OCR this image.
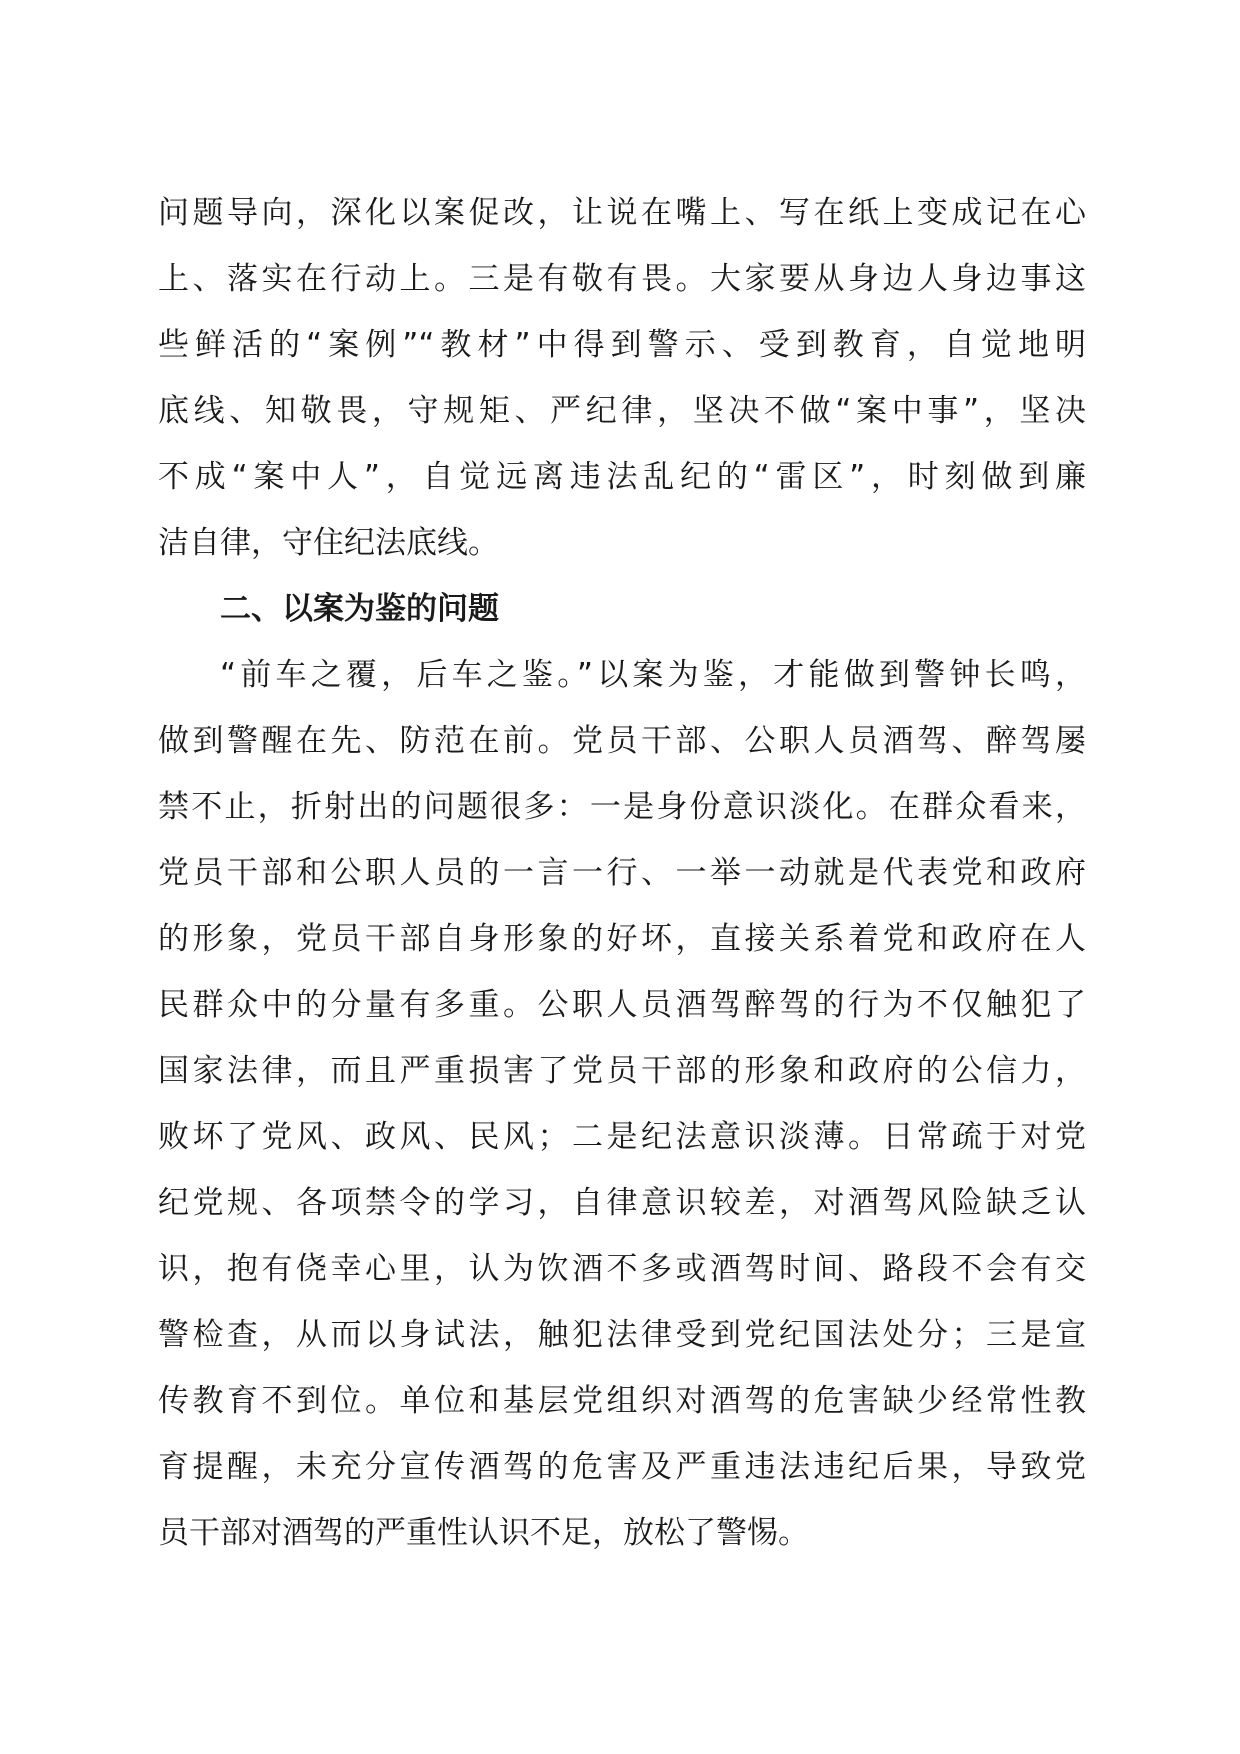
问题导向，深化以案促改，让说在嘴上、写在纸上变成记在心
上、落实在行动上。三是有敬有畏。大家要从身边人身边事这
些鲜活的“案例”“教材”中得到警示、受到教育，自觉地明
底线、知敬畏，守规矩、严纪律，坚决不做“案中事”，坚决
不成“案中人”，自觉远离违法乱纪的“雷区”，时刻做到廉
洁自律，守住纪法底线。
二、以案为鉴的问题
“前车之覆，后车之鉴。”以案为鉴，才能做到警钟长鸣，
做到警醒在先、防范在前。党员干部、公职人员酒驾、醉驾屡
禁不止，折射出的问题很多：一是身份意识淡化。在群众看来，
党员干部和公职人员的一言一行、一举一动就是代表党和政府
的形象，党员干部自身形象的好坏，直接关系着党和政府在人
民群众中的分量有多重。公职人员酒驾醉驾的行为不仅触犯了
国家法律，而且严重损害了党员干部的形象和政府的公信力，
败坏了党风、政风、民风；二是纪法意识淡薄。日常疏于对党
纪党规、各项禁令的学习，自律意识较差，对酒驾风险缺乏认
识，抱有侥幸心里，认为饮酒不多或酒驾时间、路段不会有交
警检查，从而以身试法，触犯法律受到党纪国法处分；三是宣
传教育不到位。单位和基层党组织对酒驾的危害缺少经常性教
育提醒，未充分宣传酒驾的危害及严重违法违纪后果，导致党
员干部对酒驾的严重性认识不足，放松了警惕。
